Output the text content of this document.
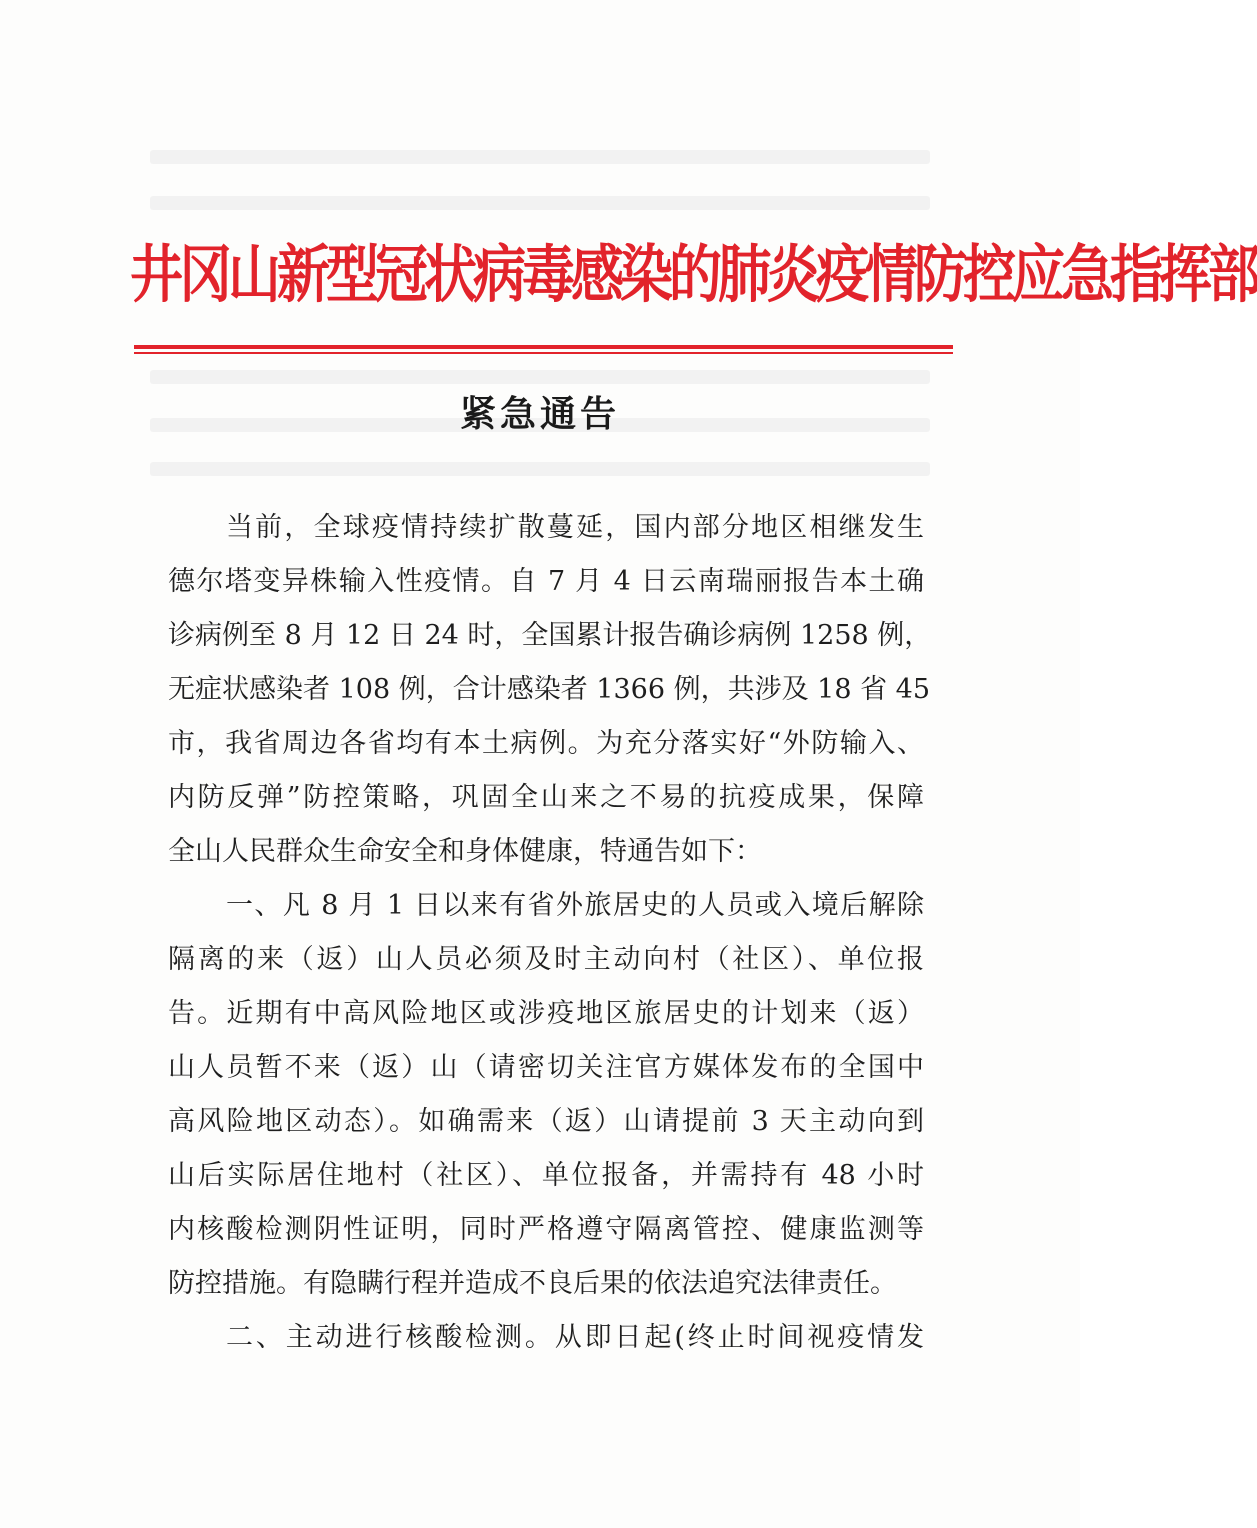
井冈山新型冠状病毒感染的肺炎疫情防控应急指挥部
紧急通告
当前，全球疫情持续扩散蔓延，国内部分地区相继发生
德尔塔变异株输入性疫情。自 7 月 4 日云南瑞丽报告本土确
诊病例至 8 月 12 日 24 时，全国累计报告确诊病例 1258 例，
无症状感染者 108 例，合计感染者 1366 例，共涉及 18 省 45
市，我省周边各省均有本土病例。为充分落实好“外防输入、
内防反弹”防控策略，巩固全山来之不易的抗疫成果，保障
全山人民群众生命安全和身体健康，特通告如下：
一、凡 8 月 1 日以来有省外旅居史的人员或入境后解除
隔离的来（返）山人员必须及时主动向村（社区）、单位报
告。近期有中高风险地区或涉疫地区旅居史的计划来（返）
山人员暂不来（返）山（请密切关注官方媒体发布的全国中
高风险地区动态）。如确需来（返）山请提前 3 天主动向到
山后实际居住地村（社区）、单位报备，并需持有 48 小时
内核酸检测阴性证明，同时严格遵守隔离管控、健康监测等
防控措施。有隐瞒行程并造成不良后果的依法追究法律责任。
二、主动进行核酸检测。从即日起(终止时间视疫情发
